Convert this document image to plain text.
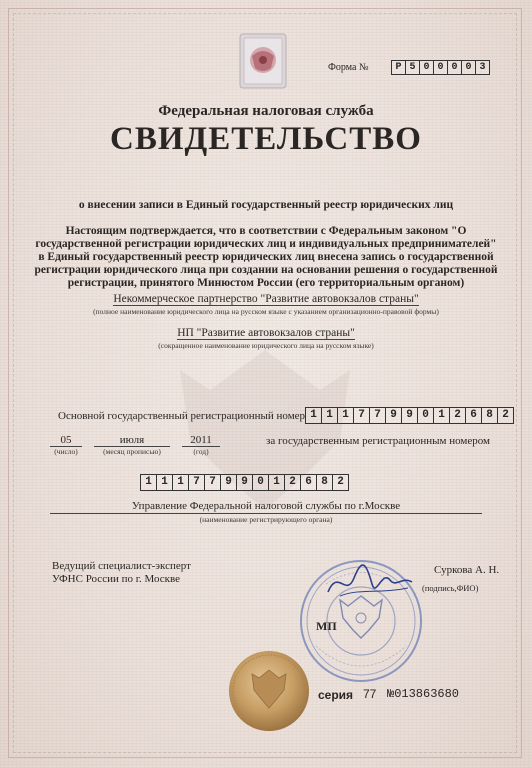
Форма №	Р 5 0 0 0 0 3
Федеральная налоговая служба
СВИДЕТЕЛЬСТВО
о внесении записи в Единый государственный реестр юридических лиц
Настоящим подтверждается, что в соответствии с Федеральным законом "О
государственной регистрации юридических лиц и индивидуальных предпринимателей"
в Единый государственный реестр юридических лиц внесена запись о государственной
регистрации юридического лица при создании на основании решения о государственной
регистрации, принятого Минюстом России (его территориальным органом)
Некоммерческое партнерство "Развитие автовокзалов страны"
(полное наименование юридического лица на русском языке с указанием организационно-правовой формы)
НП "Развитие автовокзалов страны"
(сокращенное наименование юридического лица на русском языке)
Основной государственный регистрационный номер 1 1 1 7 7 9 9 0 1 2 6 8 2
05
(число)
июля
(месяц прописью)
2011
(год)
за государственным регистрационным номером
1 1 1 7 7 9 9 0 1 2 6 8 2
Управление Федеральной налоговой службы по г.Москве
(наименование регистрирующего органа)
Ведущий специалист-эксперт
УФНС России по г. Москве
Суркова А. Н.
(подпись,ФИО)
МП
серия 77 №013863680
